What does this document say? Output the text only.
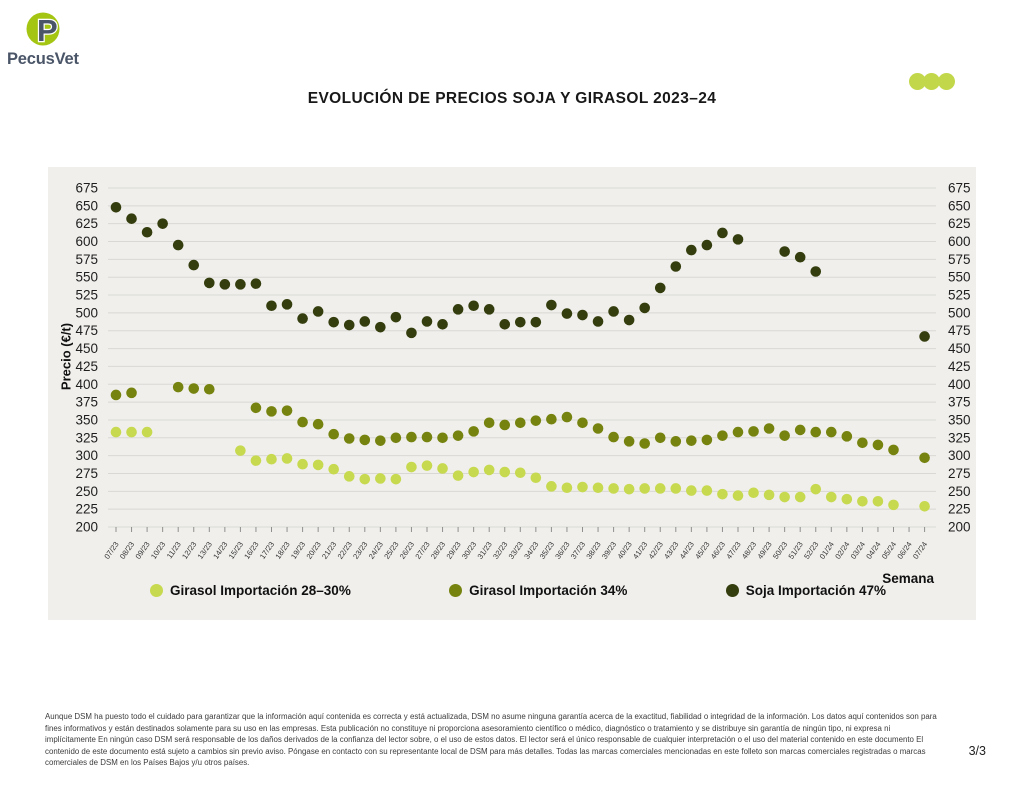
P
PecusVet
EVOLUCIÓN DE PRECIOS SOJA Y GIRASOL 2023–24
200	200
225	225
250	250
275	275
300	300
325	325
350	350
375	375
400	400
425	425
450	450
475	475
500	500
525	525
550	550
575	575
600	600
625	625
650	650
675	675
07/23
08/23
09/23
10/23
11/23
12/23
13/23
14/23
15/23
16/23
17/23
18/23
19/23
20/23
21/23
22/23
23/23
24/23
25/23
26/23
27/23
28/23
29/23
30/23
31/23
32/23
33/23
34/23
35/23
36/23
37/23
38/23
39/23
40/23
41/23
42/23
43/23
44/23
45/23
46/23
47/23
48/23
49/23
50/23
51/23
52/23
01/24
02/24
03/24
04/24
05/24
06/24
07/24
Precio (€/t)
Semana
Girasol Importación 28–30%	Girasol Importación 34%	Soja Importación 47%
Aunque DSM ha puesto todo el cuidado para garantizar que la información aquí contenida es correcta y está actualizada, DSM no asume ninguna garantía acerca de la exactitud, fiabilidad o integridad de la información. Los datos aquí contenidos son para
fines informativos y están destinados solamente para su uso en las empresas. Esta publicación no constituye ni proporciona asesoramiento científico o médico, diagnóstico o tratamiento y se distribuye sin garantía de ningún tipo, ni expresa ni
implícitamente En ningún caso DSM será responsable de los daños derivados de la confianza del lector sobre, o el uso de estos datos. El lector será el único responsable de cualquier interpretación o el uso del material contenido en este documento El
contenido de este documento está sujeto a cambios sin previo aviso. Póngase en contacto con su representante local de DSM para más detalles. Todas las marcas comerciales mencionadas en este folleto son marcas comerciales registradas o marcas
comerciales de DSM en los Países Bajos y/u otros países.
3/3
